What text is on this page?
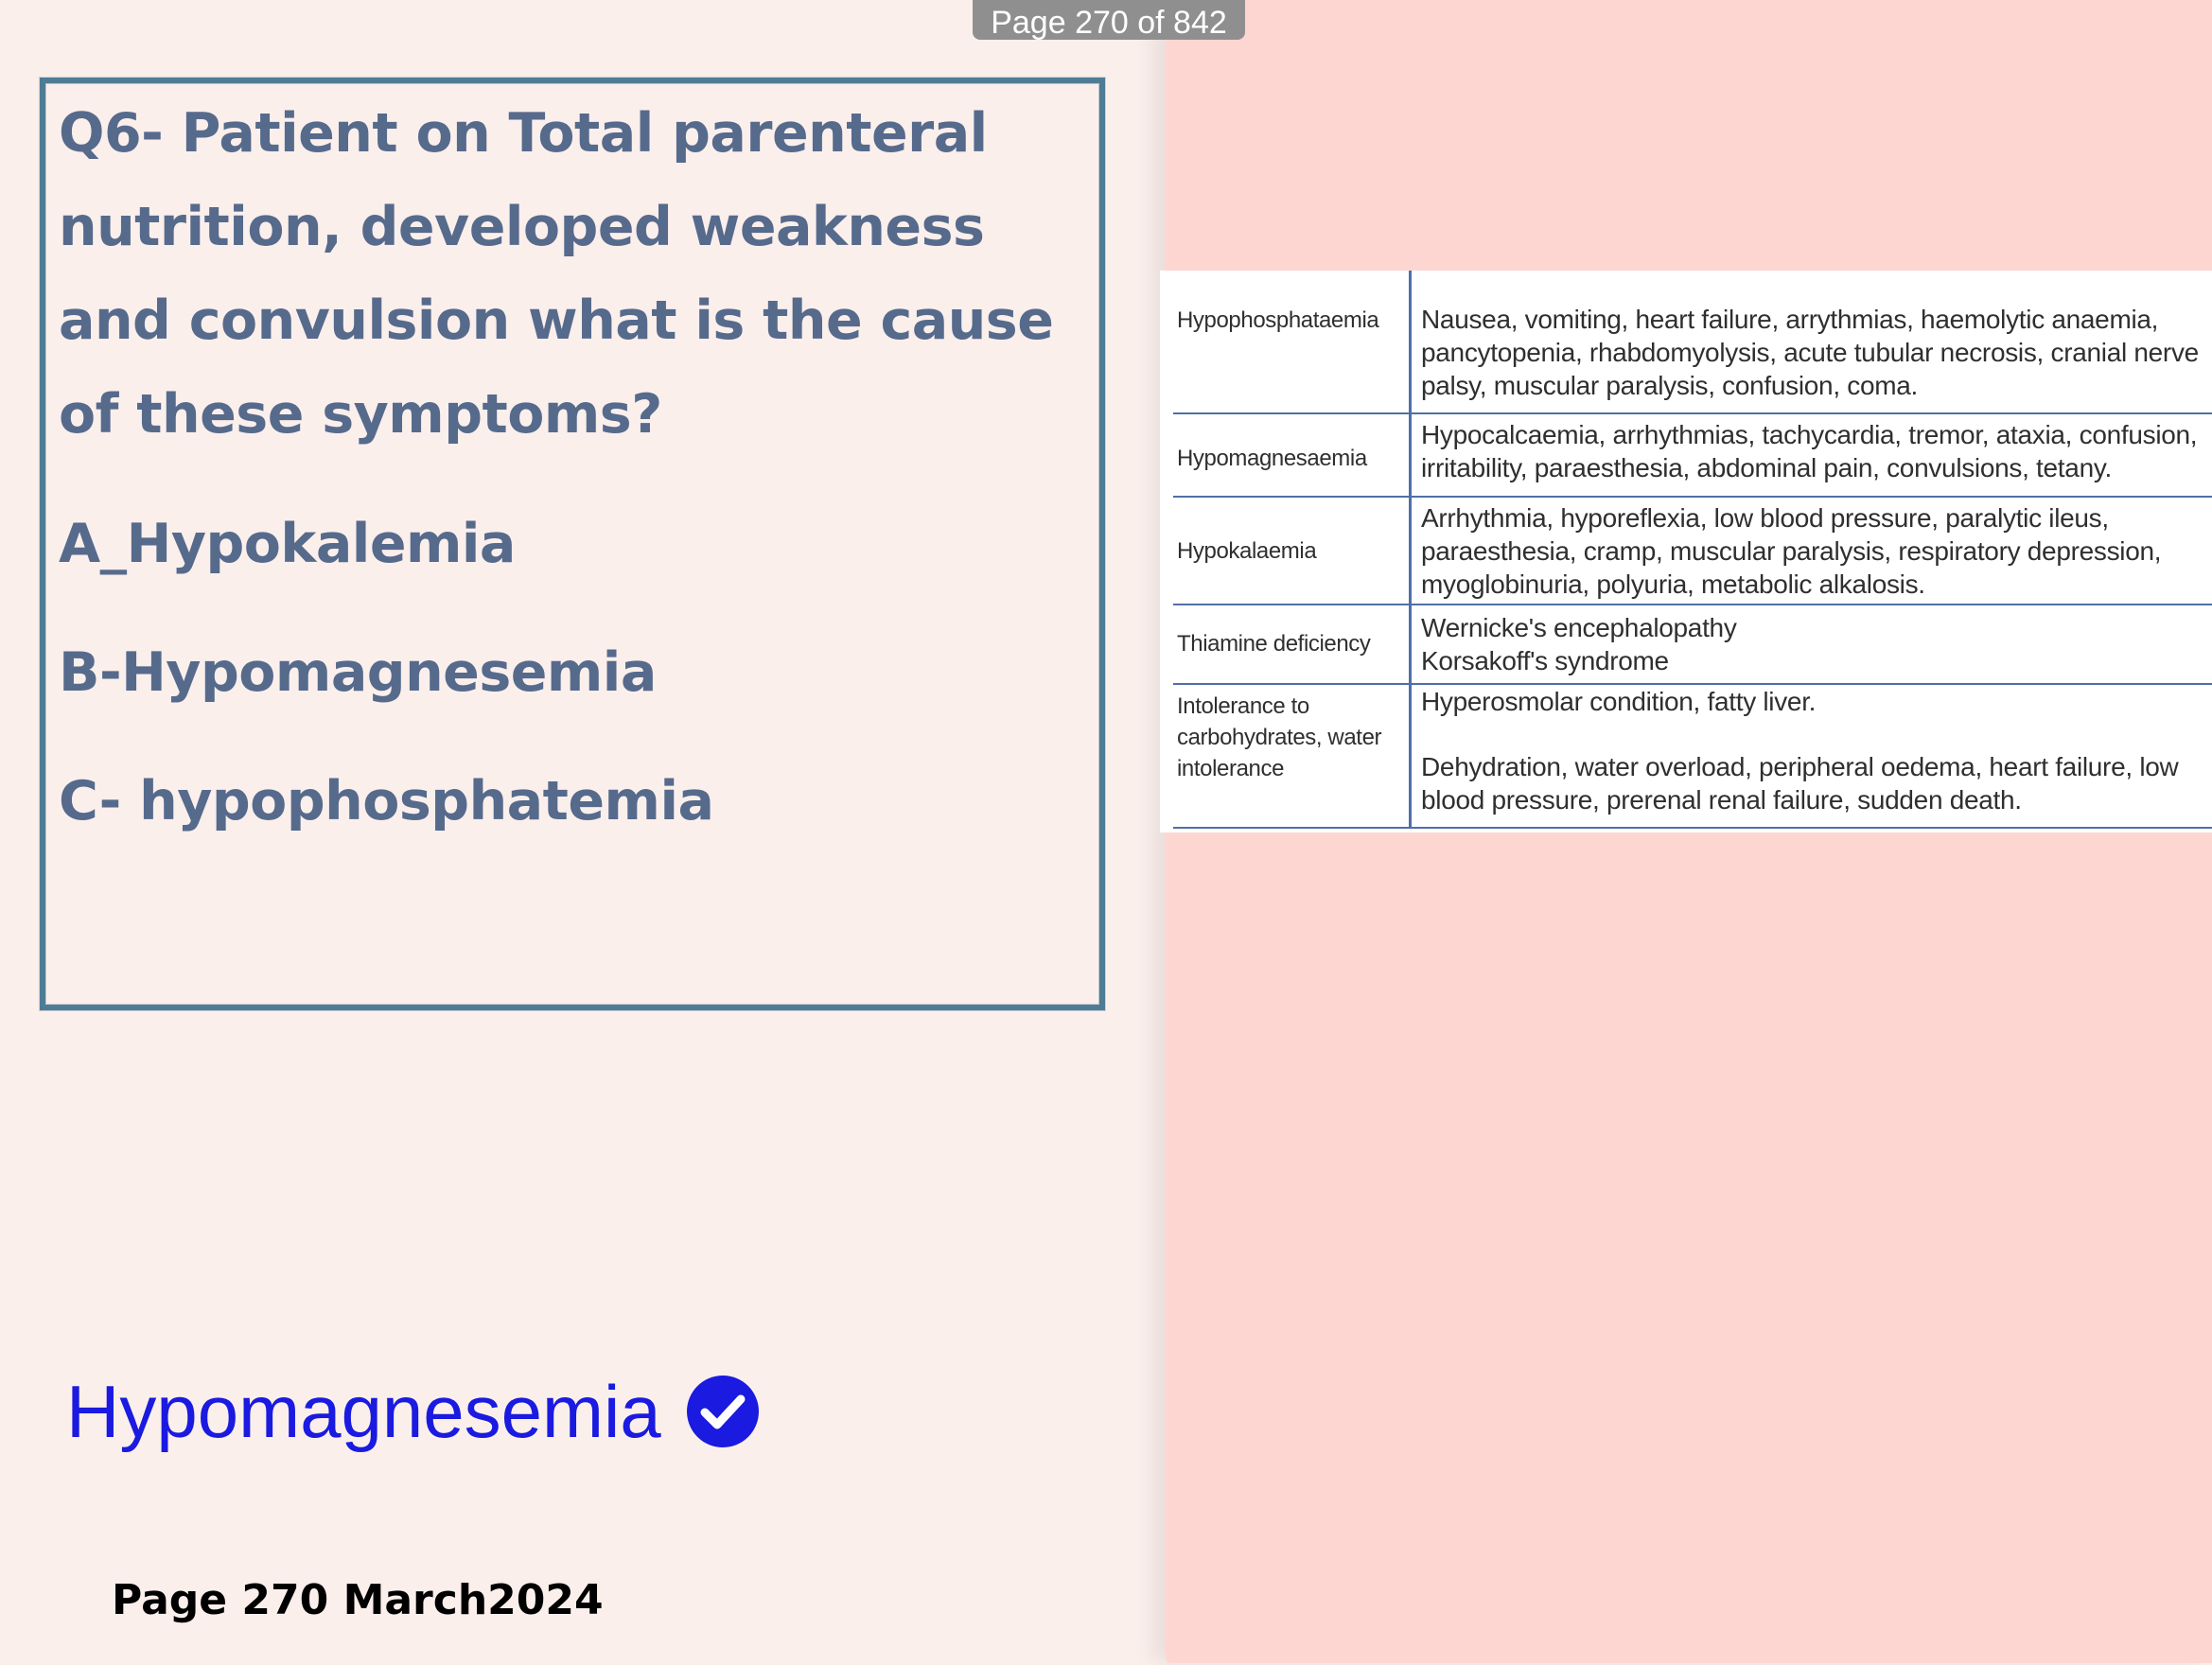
Page 270 of 842

Q6- Patient on Total parenteral nutrition, developed weakness and convulsion what is the cause of these symptoms?

A_Hypokalemia

B-Hypomagnesemia

C- hypophosphatemia

Hypomagnesemia
Page 270 March2024
Hypophosphataemia	Nausea, vomiting, heart failure, arrythmias, haemolytic anaemia, pancytopenia, rhabdomyolysis, acute tubular necrosis, cranial nerve palsy, muscular paralysis, confusion, coma.
Hypomagnesaemia	Hypocalcaemia, arrhythmias, tachycardia, tremor, ataxia, confusion, irritability, paraesthesia, abdominal pain, convulsions, tetany.
Hypokalaemia	Arrhythmia, hyporeflexia, low blood pressure, paralytic ileus, paraesthesia, cramp, muscular paralysis, respiratory depression, myoglobinuria, polyuria, metabolic alkalosis.
Thiamine deficiency	Wernicke's encephalopathy
Korsakoff's syndrome
Intolerance to carbohydrates, water intolerance	Hyperosmolar condition, fatty liver.
Dehydration, water overload, peripheral oedema, heart failure, low blood pressure, prerenal renal failure, sudden death.
